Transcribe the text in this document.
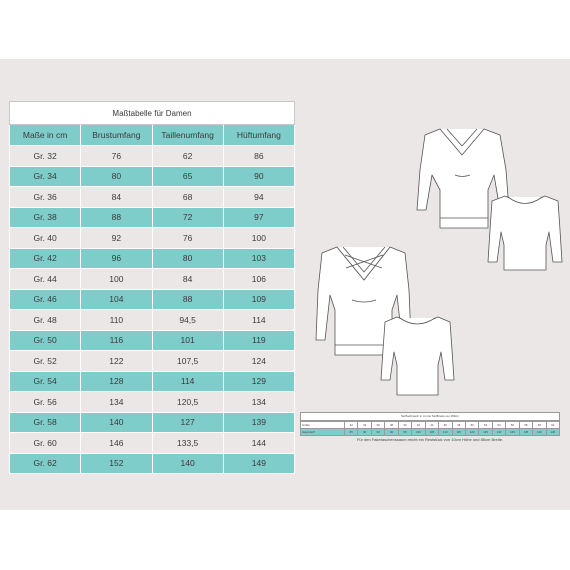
Maßtabelle für Damen			
Maße in cm	Brustumfang	Taillenumfang	Hüftumfang
Gr. 32	76	62	86
Gr. 34	80	65	90
Gr. 36	84	68	94
Gr. 38	88	72	97
Gr. 40	92	76	100
Gr. 42	96	80	103
Gr. 44	100	84	106
Gr. 46	104	88	109
Gr. 48	110	94,5	114
Gr. 50	116	101	119
Gr. 52	122	107,5	124
Gr. 54	128	114	129
Gr. 56	134	120,5	134
Gr. 58	140	127	139
Gr. 60	146	133,5	144
Gr. 62	152	140	149
Stoffverbrauch in cm bei Stoffbreite von 150cm
Größe	32	34	36	38	40	42	44	46	48	50	52	54	56	58	60	62
Hauptstoff	85	90	90	90	95	100	105	110	115	120	125	130	135	135	140	145
Für den Faketaschenssaum reicht ein Reststück von 10cm Höhe und 85cm Breite.
